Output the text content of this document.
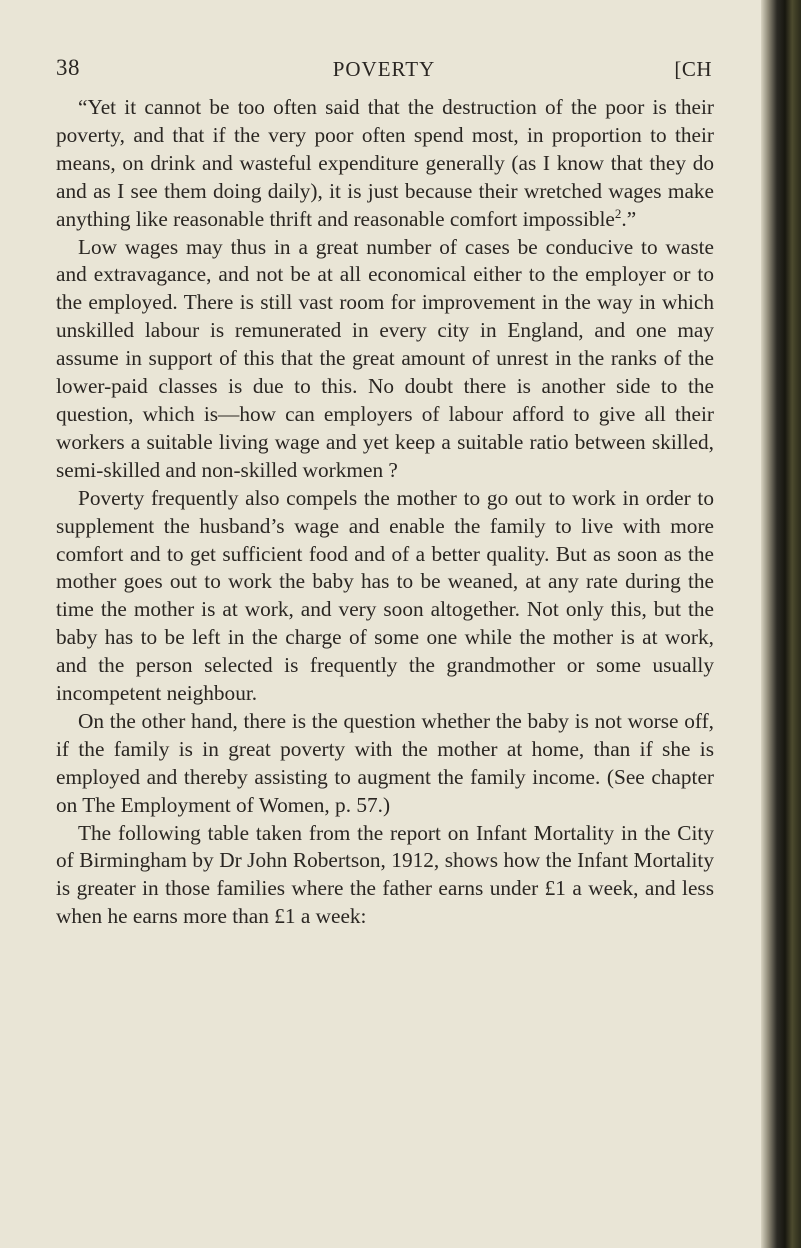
38	POVERTY	[CH

“Yet it cannot be too often said that the destruction of the poor is their poverty, and that if the very poor often spend most, in proportion to their means, on drink and wasteful expenditure generally (as I know that they do and as I see them doing daily), it is just because their wretched wages make anything like reasonable thrift and reasonable comfort impossible$^2$.”

Low wages may thus in a great number of cases be conducive to waste and extravagance, and not be at all economical either to the employer or to the employed. There is still vast room for improvement in the way in which unskilled labour is remunerated in every city in England, and one may assume in support of this that the great amount of unrest in the ranks of the lower-paid classes is due to this. No doubt there is another side to the question, which is—how can employers of labour afford to give all their workers a suitable living wage and yet keep a suitable ratio between skilled, semi-skilled and non-skilled workmen ?

Poverty frequently also compels the mother to go out to work in order to supplement the husband’s wage and enable the family to live with more comfort and to get sufficient food and of a better quality. But as soon as the mother goes out to work the baby has to be weaned, at any rate during the time the mother is at work, and very soon altogether. Not only this, but the baby has to be left in the charge of some one while the mother is at work, and the person selected is frequently the grandmother or some usually incompetent neighbour.

On the other hand, there is the question whether the baby is not worse off, if the family is in great poverty with the mother at home, than if she is employed and thereby assisting to augment the family income. (See chapter on The Employment of Women, p. 57.)

The following table taken from the report on Infant Mortality in the City of Birmingham by Dr John Robertson, 1912, shows how the Infant Mortality is greater in those families where the father earns under £1 a week, and less when he earns more than £1 a week:
